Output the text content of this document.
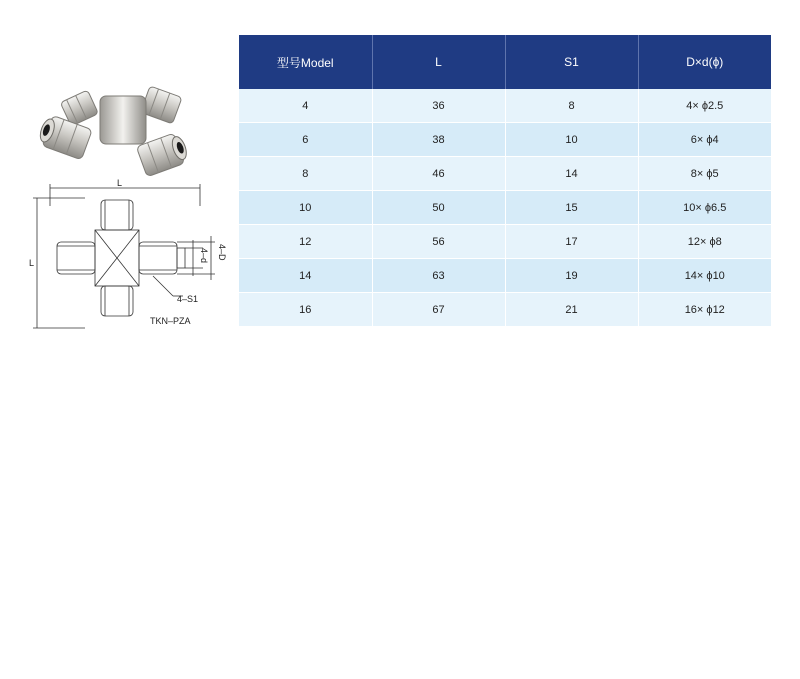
L
L	4–d 4–D
4–S1
TKN–PZA
型号Model	L	S1	D×d(ϕ)
4	36	8	4× ϕ2.5
6	38	10	6× ϕ4
8	46	14	8× ϕ5
10	50	15	10× ϕ6.5
12	56	17	12× ϕ8
14	63	19	14× ϕ10
16	67	21	16× ϕ12
